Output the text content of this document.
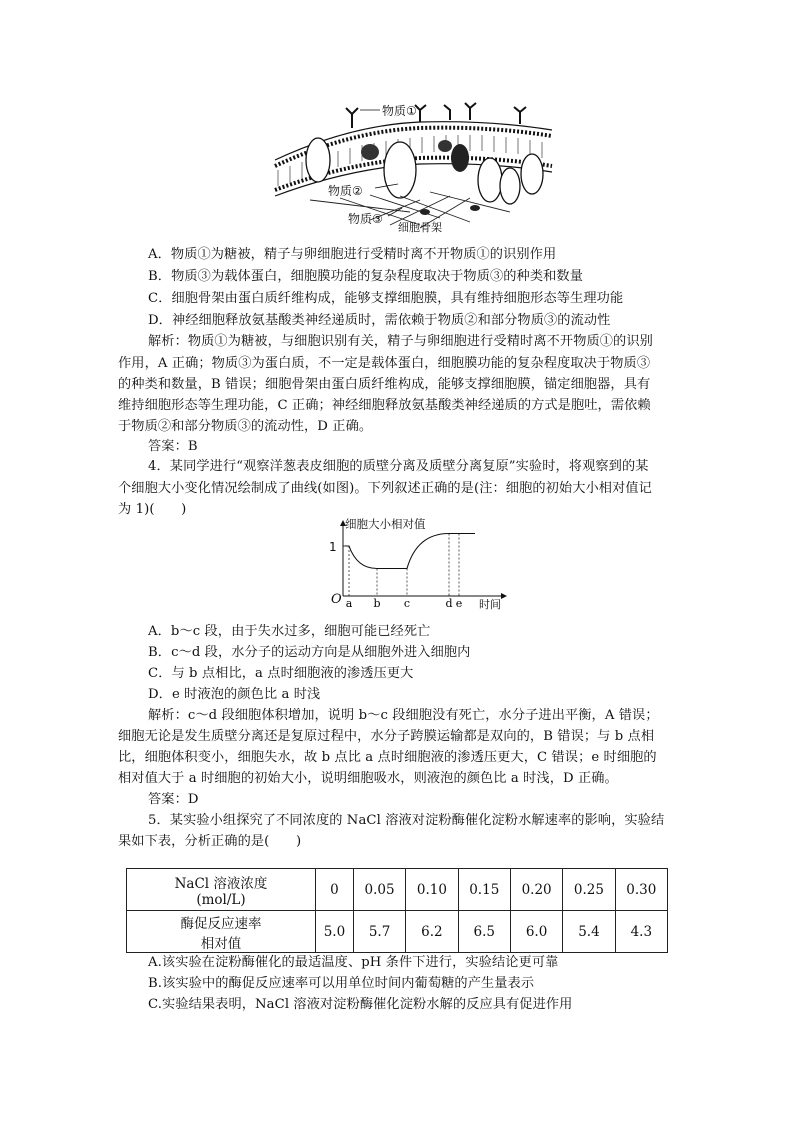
物质①
物质②
物质③
细胞骨架
A．物质①为糖被，精子与卵细胞进行受精时离不开物质①的识别作用
B．物质③为载体蛋白，细胞膜功能的复杂程度取决于物质③的种类和数量
C．细胞骨架由蛋白质纤维构成，能够支撑细胞膜，具有维持细胞形态等生理功能
D．神经细胞释放氨基酸类神经递质时，需依赖于物质②和部分物质③的流动性
解析：物质①为糖被，与细胞识别有关，精子与卵细胞进行受精时离不开物质①的识别
作用，A 正确；物质③为蛋白质，不一定是载体蛋白，细胞膜功能的复杂程度取决于物质③
的种类和数量，B 错误；细胞骨架由蛋白质纤维构成，能够支撑细胞膜，锚定细胞器，具有
维持细胞形态等生理功能，C 正确；神经细胞释放氨基酸类神经递质的方式是胞吐，需依赖
于物质②和部分物质③的流动性，D 正确。
答案：B
4．某同学进行“观察洋葱表皮细胞的质壁分离及质壁分离复原”实验时，将观察到的某
个细胞大小变化情况绘制成了曲线(如图)。下列叙述正确的是(注：细胞的初始大小相对值记
为 1)(　　)
a b c	d e
细胞大小相对值
1
O	时间
A．b～c 段，由于失水过多，细胞可能已经死亡
B．c～d 段，水分子的运动方向是从细胞外进入细胞内
C．与 b 点相比，a 点时细胞液的渗透压更大
D．e 时液泡的颜色比 a 时浅
解析：c～d 段细胞体积增加，说明 b～c 段细胞没有死亡，水分子进出平衡，A 错误；
细胞无论是发生质壁分离还是复原过程中，水分子跨膜运输都是双向的，B 错误；与 b 点相
比，细胞体积变小，细胞失水，故 b 点比 a 点时细胞液的渗透压更大，C 错误；e 时细胞的
相对值大于 a 时细胞的初始大小，说明细胞吸水，则液泡的颜色比 a 时浅，D 正确。
答案：D
5．某实验小组探究了不同浓度的 NaCl 溶液对淀粉酶催化淀粉水解速率的影响，实验结
果如下表，分析正确的是(　　)
NaCl 溶液浓度
(mol/L)	0	0.05	0.10	0.15	0.20	0.25	0.30

酶促反应速率
相对值	5.0	5.7	6.2	6.5	6.0	5.4	4.3
A.该实验在淀粉酶催化的最适温度、pH 条件下进行，实验结论更可靠
B.该实验中的酶促反应速率可以用单位时间内葡萄糖的产生量表示
C.实验结果表明，NaCl 溶液对淀粉酶催化淀粉水解的反应具有促进作用
